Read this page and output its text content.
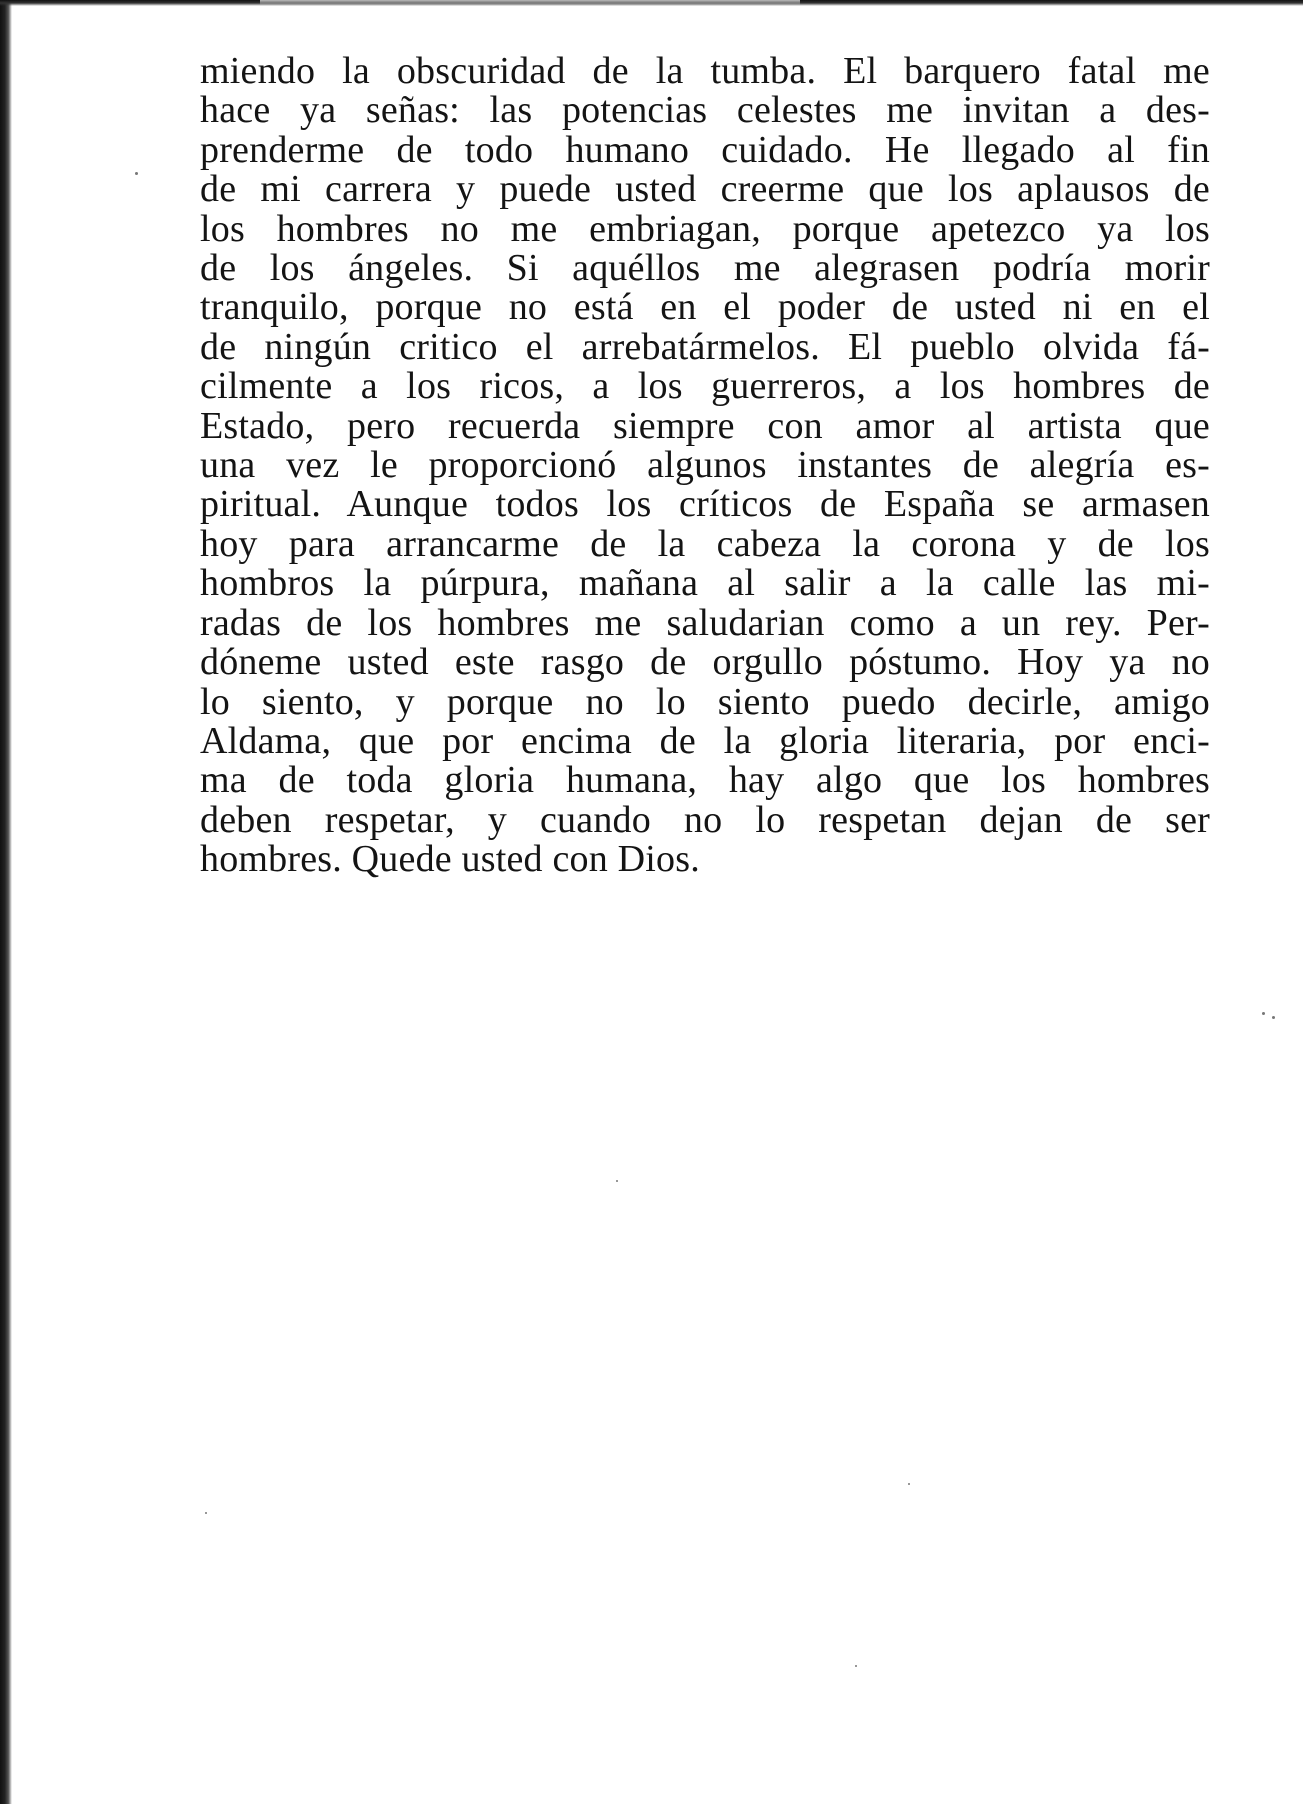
miendo la obscuridad de la tumba. El barquero fatal me
hace ya señas: las potencias celestes me invitan a des-
prenderme de todo humano cuidado. He llegado al fin
de mi carrera y puede usted creerme que los aplausos de
los hombres no me embriagan, porque apetezco ya los
de los ángeles. Si aquéllos me alegrasen podría morir
tranquilo, porque no está en el poder de usted ni en el
de ningún critico el arrebatármelos. El pueblo olvida fá-
cilmente a los ricos, a los guerreros, a los hombres de
Estado, pero recuerda siempre con amor al artista que
una vez le proporcionó algunos instantes de alegría es-
piritual. Aunque todos los críticos de España se armasen
hoy para arrancarme de la cabeza la corona y de los
hombros la púrpura, mañana al salir a la calle las mi-
radas de los hombres me saludarian como a un rey. Per-
dóneme usted este rasgo de orgullo póstumo. Hoy ya no
lo siento, y porque no lo siento puedo decirle, amigo
Aldama, que por encima de la gloria literaria, por enci-
ma de toda gloria humana, hay algo que los hombres
deben respetar, y cuando no lo respetan dejan de ser
hombres. Quede usted con Dios.
